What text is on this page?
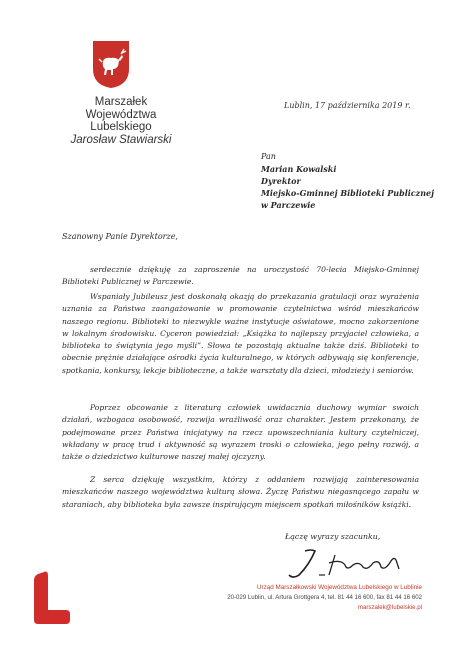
Marszałek
Województwa Lubelskiego
Jarosław Stawiarski
Lublin, 17 października 2019 r.
Pan
Marian Kowalski
Dyrektor
Miejsko-Gminnej Biblioteki Publicznej
w Parczewie
Szanowny Panie Dyrektorze,

serdecznie dziękuję za zaproszenie na uroczystość 70-lecia Miejsko-Gminnej Biblioteki Publicznej w Parczewie.

Wspaniały Jubileusz jest doskonałą okazją do przekazania gratulacji oraz wyrażenia uznania za Państwa zaangażowanie w promowanie czytelnictwa wśród mieszkańców naszego regionu. Biblioteki to niezwykle ważne instytucje oświatowe, mocno zakorzenione w lokalnym środowisku. Cyceron powiedział: „Książka to najlepszy przyjaciel człowieka, a biblioteka to świątynia jego myśli”. Słowa te pozostają aktualne także dziś. Biblioteki to obecnie prężnie działające ośrodki życia kulturalnego, w których odbywają się konferencje, spotkania, konkursy, lekcje biblioteczne, a także warsztaty dla dzieci, młodzieży i seniorów.

Poprzez obcowanie z literaturą człowiek uwidacznia duchowy wymiar swoich działań, wzbogaca osobowość, rozwija wrażliwość oraz charakter. Jestem przekonany, że podejmowane przez Państwa inicjatywy na rzecz upowszechniania kultury czytelniczej, wkładany w pracę trud i aktywność są wyrazem troski o człowieka, jego pełny rozwój, a także o dziedzictwo kulturowe naszej małej ojczyzny.

Z serca dziękuję wszystkim, którzy z oddaniem rozwijają zainteresowania mieszkańców naszego województwa kulturą słowa. Życzę Państwu niegasnącego zapału w staraniach, aby biblioteka była zawsze inspirującym miejscem spotkań miłośników książki.

Łączę wyrazy szacunku,
Urząd Marszałkowski Województwa Lubelskiego w Lublinie
20-029 Lublin, ul. Artura Grottgera 4, tel. 81 44 16 600, fax 81 44 16 602
marszalek@lubelskie.pl
